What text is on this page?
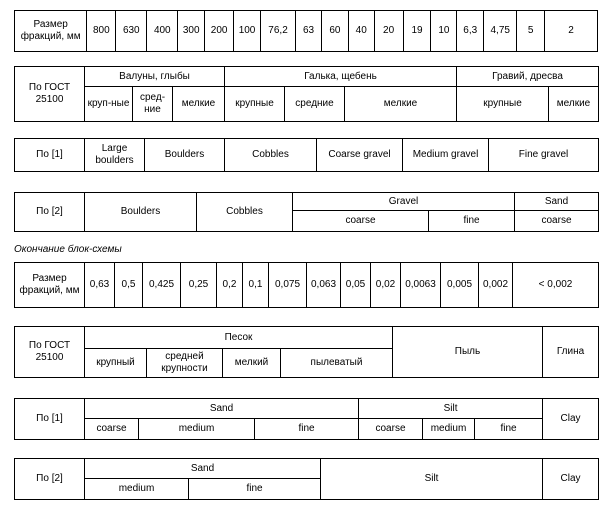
Размер фракций, мм	800	630	400	300	200	100	76,2	63	60	40	20	19	10	6,3	4,75	5	2
По ГОСТ 25100	Валуны, глыбы			Галька, щебень			Гравий, дресва	
	круп-ные	сред-ние	мелкие	крупные	средние	мелкие	крупные	мелкие
По [1]	Large boulders	Boulders	Cobbles	Coarse gravel	Medium gravel	Fine gravel
По [2]	Boulders	Cobbles	Gravel		Sand
			coarse	fine	coarse
Окончание блок-схемы
Размер фракций, мм	0,63	0,5	0,425	0,25	0,2	0,1	0,075	0,063	0,05	0,02	0,0063	0,005	0,002	< 0,002
По ГОСТ 25100	Песок				Пыль	Глина
	крупный	средней крупности	мелкий	пылеватый		
По [1]	Sand			Silt			Clay
	coarse	medium	fine	coarse	medium	fine	
По [2]	Sand		Silt	Clay
	medium	fine		
